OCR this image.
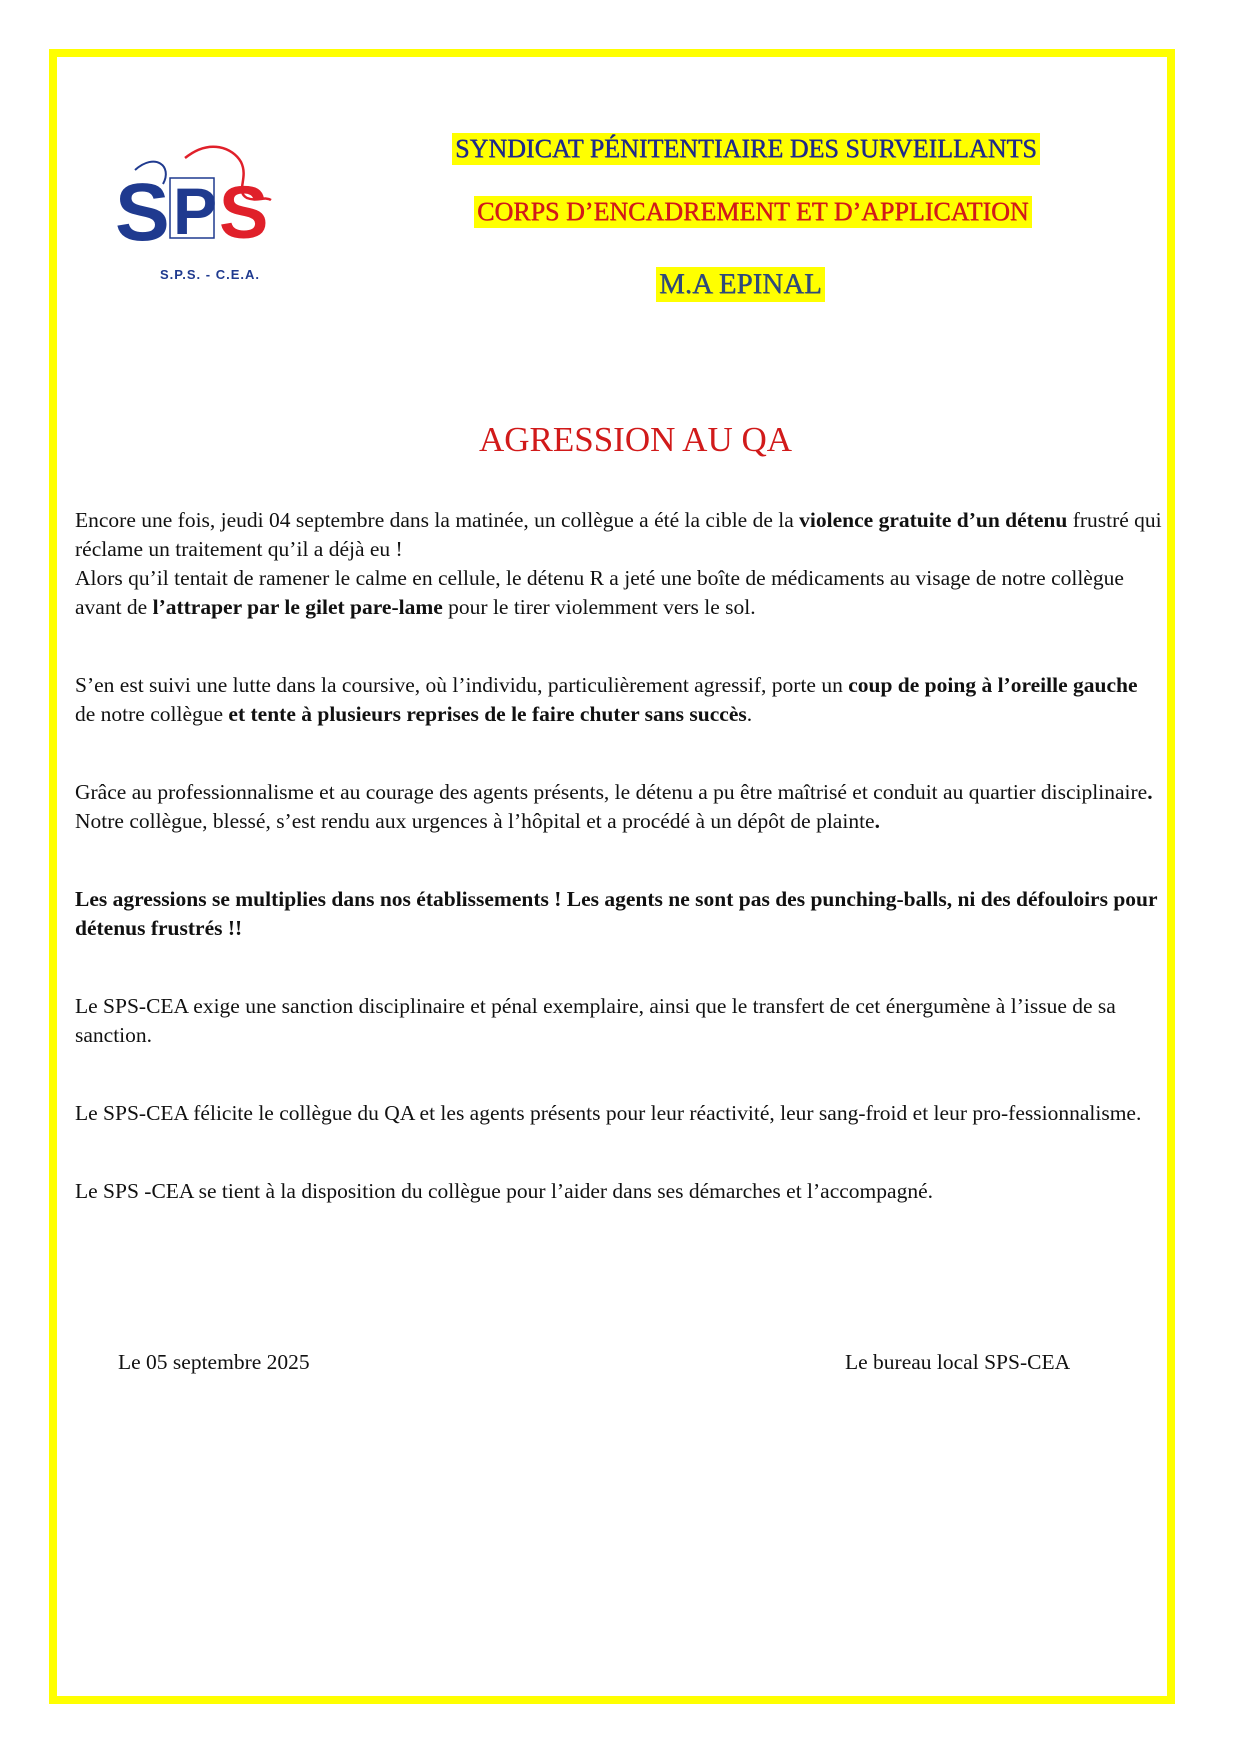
S P S
S.P.S. - C.E.A.
SYNDICAT PÉNITENTIAIRE DES SURVEILLANTS
CORPS D’ENCADREMENT ET D’APPLICATION
M.A EPINAL
AGRESSION AU QA

Encore une fois, jeudi 04 septembre dans la matinée, un collègue a été la cible de la violence gratuite d’un détenu frustré qui réclame un traitement qu’il a déjà eu !

Alors qu’il tentait de ramener le calme en cellule, le détenu R a jeté une boîte de médicaments au visage de notre collègue avant de l’attraper par le gilet pare-lame pour le tirer violemment vers le sol.

S’en est suivi une lutte dans la coursive, où l’individu, particulièrement agressif, porte un coup de poing à l’oreille gauche de notre collègue et tente à plusieurs reprises de le faire chuter sans succès.

Grâce au professionnalisme et au courage des agents présents, le détenu a pu être maîtrisé et conduit au quartier disciplinaire.

Notre collègue, blessé, s’est rendu aux urgences à l’hôpital et a procédé à un dépôt de plainte.

Les agressions se multiplies dans nos établissements ! Les agents ne sont pas des punching-balls, ni des défouloirs pour détenus frustrés !!

Le SPS-CEA exige une sanction disciplinaire et pénal exemplaire, ainsi que le transfert de cet énergumène à l’issue de sa sanction.

Le SPS-CEA félicite le collègue du QA et les agents présents pour leur réactivité, leur sang-froid et leur pro-fessionnalisme.

Le SPS -CEA se tient à la disposition du collègue pour l’aider dans ses démarches et l’accompagné.

Le 05 septembre 2025	Le bureau local SPS-CEA
